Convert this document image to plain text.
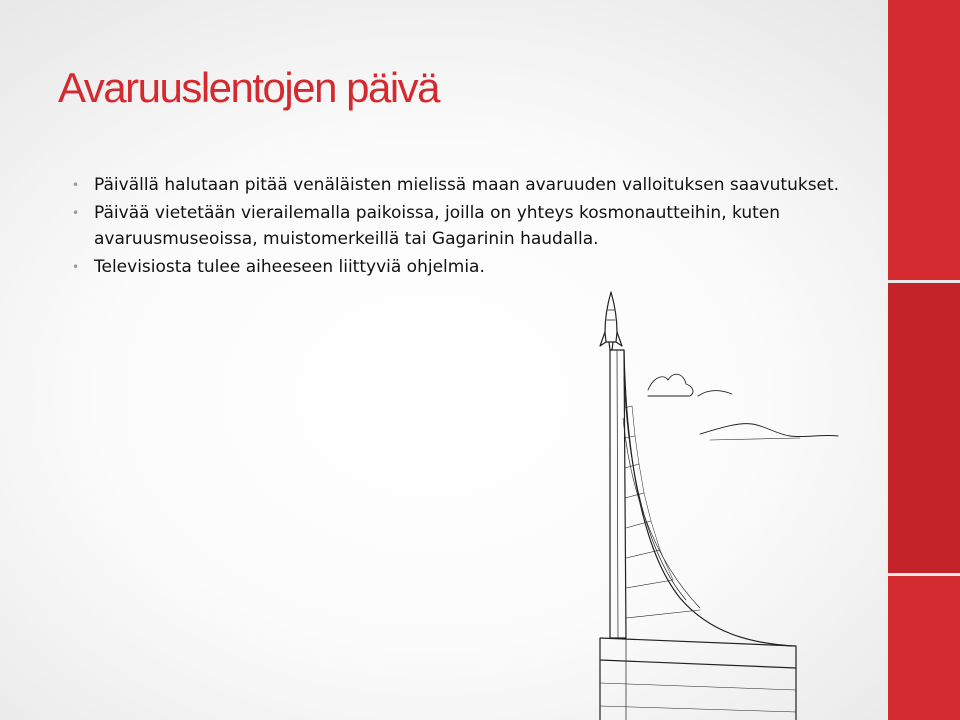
Avaruuslentojen päivä
• Päivällä halutaan pitää venäläisten mielissä maan avaruuden valloituksen saavutukset.
• Päivää vietetään vierailemalla paikoissa, joilla on yhteys kosmonautteihin, kuten avaruusmuseoissa, muistomerkeillä tai Gagarinin haudalla.
• Televisiosta tulee aiheeseen liittyviä ohjelmia.
